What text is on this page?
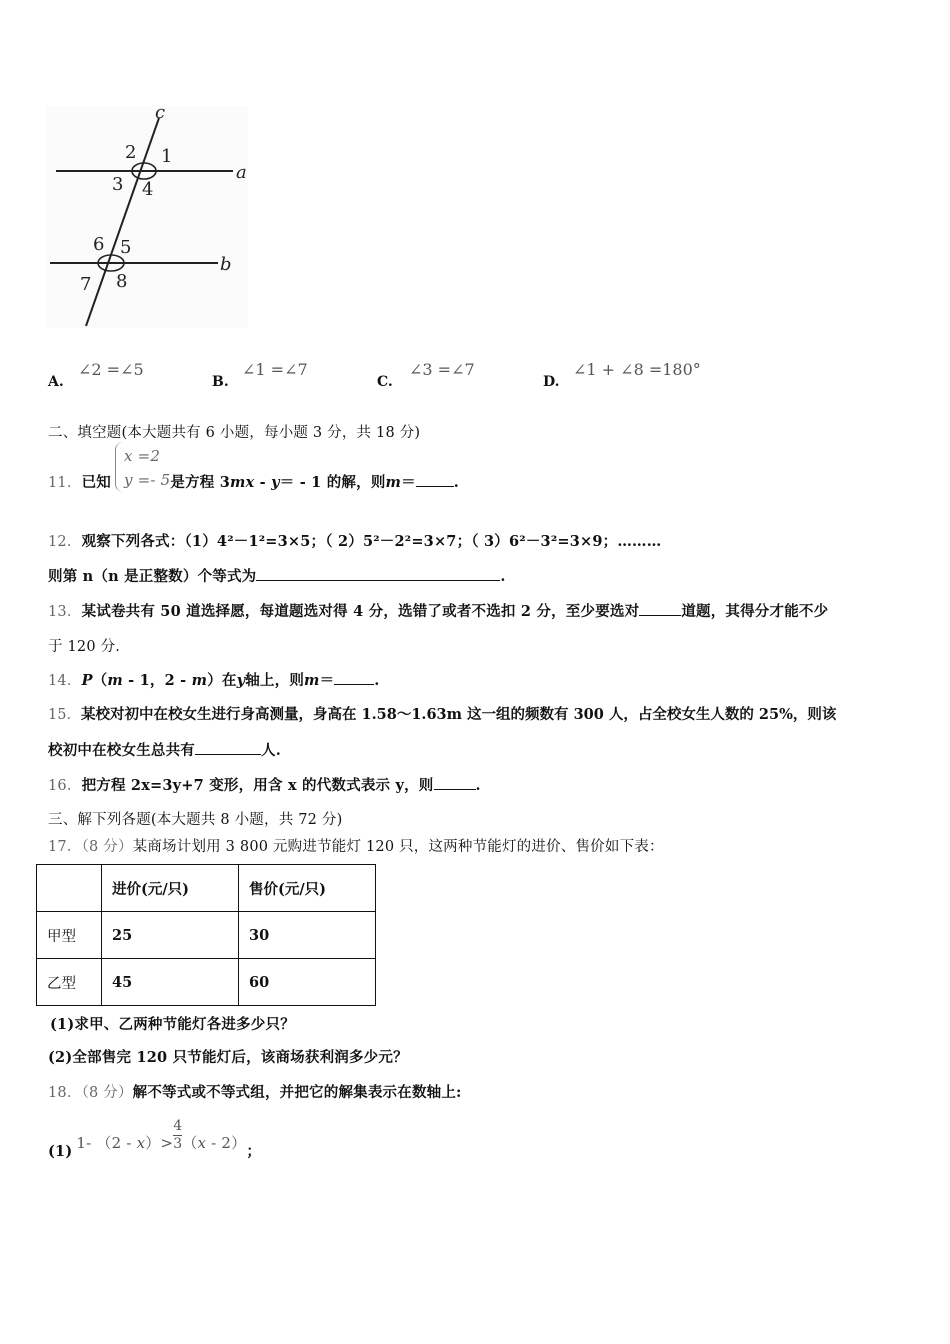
c
a
b
1
2
3 4
5
6
7 8
A.
∠2 =∠5
B.
∠1 =∠7
C.
∠3 =∠7
D.
∠1 + ∠8 =180°
二、填空题(本大题共有 6 小题，每小题 3 分，共 18 分)
11．已知
x =2
y =- 5 是方程 3mx - y＝ - 1 的解，则m＝	.
12．观察下列各式：（1）4²－1²=3×5；（ 2）5²－2²=3×7；（ 3）6²－3²=3×9；………
则第 n（n 是正整数）个等式为	.
13．某试卷共有 50 道选择愿，每道题选对得 4 分，选错了或者不选扣 2 分，至少要选对	道题，其得分才能不少
于 120 分.
14．P（m - 1，2 - m）在y轴上，则m＝	.
15．某校对初中在校女生进行身高测量，身高在 1.58～1.63m 这一组的频数有 300 人，占全校女生人数的 25%，则该
校初中在校女生总共有	人.
16．把方程 2x=3y+7 变形，用含 x 的代数式表示 y，则	.
三、解下列各题(本大题共 8 小题，共 72 分)
17．（8 分）某商场计划用 3 800 元购进节能灯 120 只，这两种节能灯的进价、售价如下表：
	进价(元/只)	售价(元/只)
甲型	25	30
乙型	45	60
(1)求甲、乙两种节能灯各进多少只？
(2)全部售完 120 只节能灯后，该商场获利润多少元？
18．（8 分）解不等式或不等式组，并把它的解集表示在数轴上:
(1) 1- $(2 - x)> \frac{4}{3} (x - 2)$；
